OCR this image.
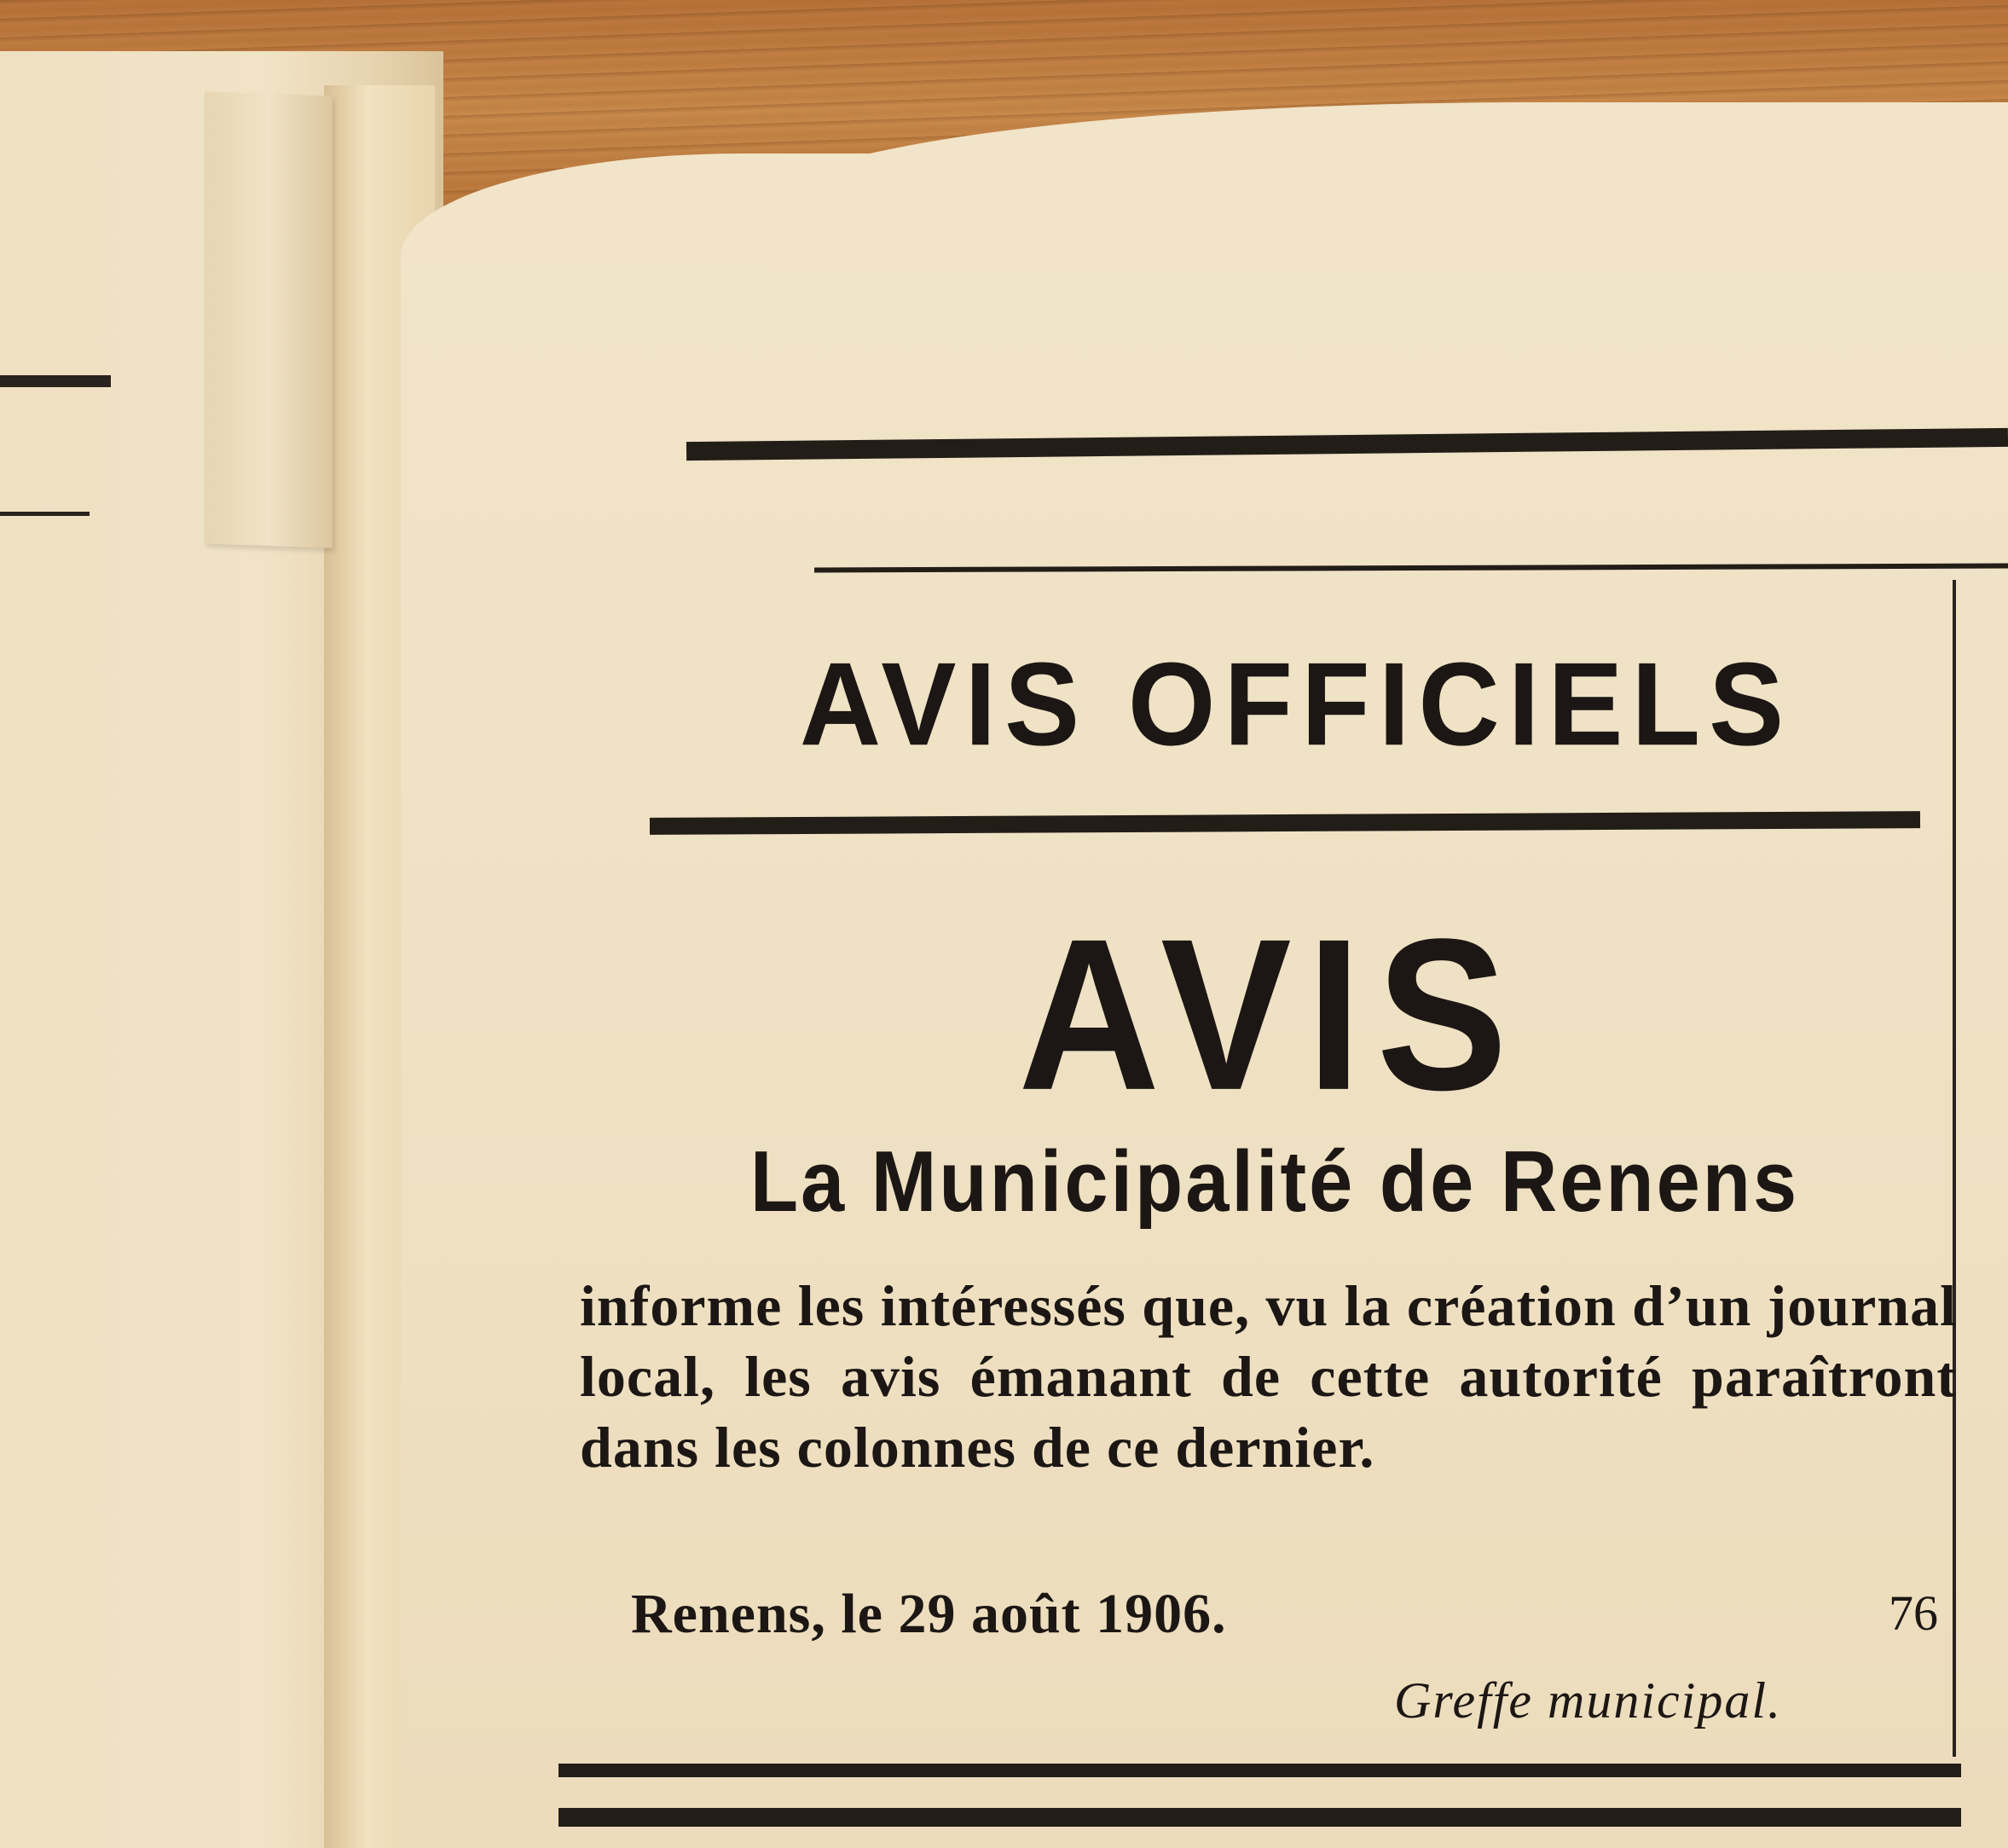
AVIS OFFICIELS
AVIS
La Municipalité de Renens
informe les intéressés que, vu la création d’un journal local, les avis émanant de cette autorité paraîtront dans les colonnes de ce dernier.
Renens, le 29 août 1906.	76
Greffe municipal.
